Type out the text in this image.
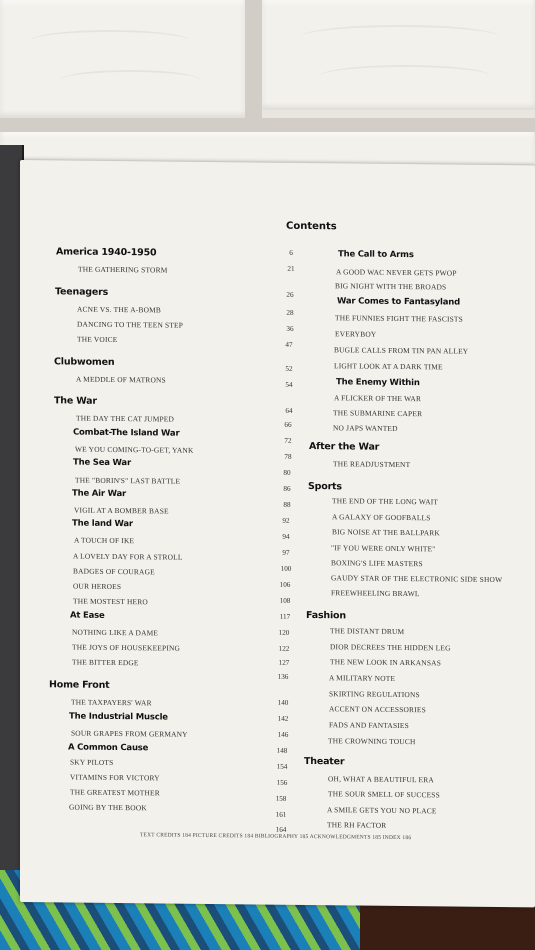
Contents
America 1940-1950
THE GATHERING STORM
Teenagers
ACNE VS. THE A-BOMB
DANCING TO THE TEEN STEP
THE VOICE
Clubwomen
A MEDDLE OF MATRONS
The War
THE DAY THE CAT JUMPED
Combat-The Island War
WE YOU COMING-TO-GET, YANK
The Sea War
THE "BORIN'S" LAST BATTLE
The Air War
VIGIL AT A BOMBER BASE
The land War
A TOUCH OF IKE
A LOVELY DAY FOR A STROLL
BADGES OF COURAGE
OUR HEROES
THE MOSTEST HERO
At Ease
NOTHING LIKE A DAME
THE JOYS OF HOUSEKEEPING
THE BITTER EDGE
Home Front
THE TAXPAYERS' WAR
The Industrial Muscle
SOUR GRAPES FROM GERMANY
A Common Cause
SKY PILOTS
VITAMINS FOR VICTORY
THE GREATEST MOTHER
GOING BY THE BOOK
6
21
26
28
36
47
52
54
64
66
72
78
80
86
88
92
94
97
100
106
108
117
120
122
127
136
140
142
146
148
154
156
158
161
164
The Call to Arms
A GOOD WAC NEVER GETS PWOP
BIG NIGHT WITH THE BROADS
War Comes to Fantasyland
THE FUNNIES FIGHT THE FASCISTS
EVERYBOY
BUGLE CALLS FROM TIN PAN ALLEY
LIGHT LOOK AT A DARK TIME
The Enemy Within
A FLICKER OF THE WAR
THE SUBMARINE CAPER
NO JAPS WANTED
After the War
THE READJUSTMENT
Sports
THE END OF THE LONG WAIT
A GALAXY OF GOOFBALLS
BIG NOISE AT THE BALLPARK
"IF YOU WERE ONLY WHITE"
BOXING'S LIFE MASTERS
GAUDY STAR OF THE ELECTRONIC SIDE SHOW
FREEWHEELING BRAWL
Fashion
THE DISTANT DRUM
DIOR DECREES THE HIDDEN LEG
THE NEW LOOK IN ARKANSAS
A MILITARY NOTE
SKIRTING REGULATIONS
ACCENT ON ACCESSORIES
FADS AND FANTASIES
THE CROWNING TOUCH
Theater
OH, WHAT A BEAUTIFUL ERA
THE SOUR SMELL OF SUCCESS
A SMILE GETS YOU NO PLACE
THE RH FACTOR
TEXT CREDITS 184 PICTURE CREDITS 184 BIBLIOGRAPHY 185 ACKNOWLEDGMENTS 185 INDEX 186
